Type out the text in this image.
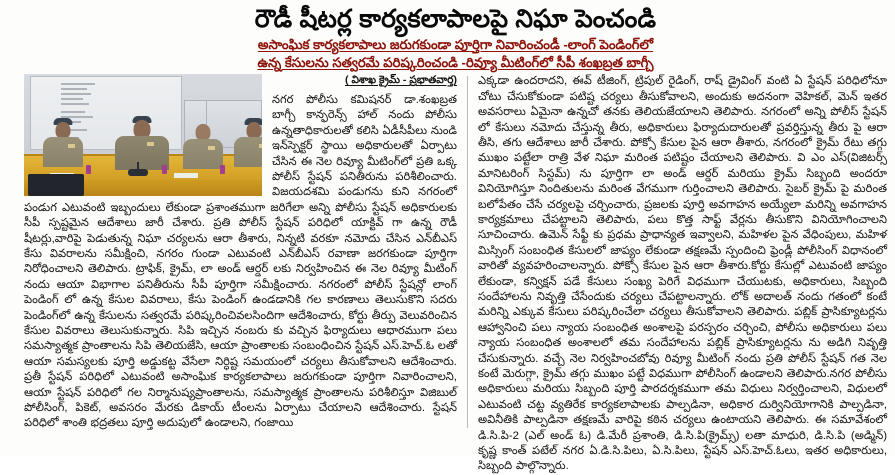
రౌడీ షీటర్ల కార్యకలాపాలపై నిఘా పెంచండి
అసాంఘిక కార్యకలాపాలు జరుగకుండా పూర్తిగా నివారించండీ -లాంగ్ పెండింగ్‌లో
ఉన్న కేసులను సత్వరమే పరిష్కరించండి -రివ్యూ మీటింగ్‌లో సీపీ శంఖబ్రత బాగ్చీ
( విశాఖ క్రైమ్ - ప్రభాతవార్త)

నగర పోలీసు కమిషనర్ డా.శంఖబ్రత బాగ్చీ కాన్ఫరెన్స్ హాల్ నందు పోలీసు ఉన్నతాధికారులతో కలిసి ఏడీసీపీలు నుండి ఇన్‌స్పెక్టర్ స్థాయి అధికారులతో ఏర్పాటు చేసిన ఈ నెల రివ్యూ మీటింగ్‌లో ప్రతి ఒక్క పోలీస్ స్టేషన్ పనితీరును పరిశీలించారు. విజయదశమి పండుగను కుని నగరంలో పండుగ ఎటువంటి ఇబ్బందులు లేకుండా ప్రశాంతముగా జరిగేలా అన్ని పోలీసు స్టేషన్ అధికారులకు సీపీ స్పష్టమైన ఆదేశాలు జారీ చేశారు. ప్రతి పోలీస్ స్టేషన్ పరిధిలో యాక్టివ్ గా ఉన్న రౌడీ షీటర్లు,వారిపై పెడుతున్న నిఘా చర్యలను ఆరా తీశారు, నిన్నటి వరకూ నమోదు చేసిన ఎన్‌బీఎస్ కేసు వివరాలను సమీక్షించి, నగరం గుండా ఎటువంటి ఎన్‌బీఎస్ రవాణా జరగకుండా పూర్తిగా నిరోధించాలని తెలిపారు. ట్రాఫిక్, క్రైమ్, లా అండ్ ఆర్డర్ లకు నిర్వహించిన ఈ నెల రివ్యూ మీటింగ్ నందు ఆయా విభాగాల పనితీరును సీపీ పూర్తిగా సమీక్షించారు. నగరంలో పోలీస్ స్టేషన్లో లాంగ్ పెండింగ్ లో ఉన్న కేసుల వివరాలు, కేసు పెండింగ్ ఉండడానికి గల కారణాలు తెలుసుకొని సదరు పెండింగ్‌లో ఉన్న కేసులను సత్వరమే పరిష్కరించివలసిందిగా ఆదేశించారు, కోర్టు తీర్పు వెలువరించిన కేసుల వివరాలు తెలుసుకున్నారు. సిపి ఇచ్చిన నంబరు కు వచ్చిన ఫిర్యాదులు ఆధారముగా పలు సమస్యాత్మక ప్రాంతాలను సిపి తెలియజేసి, ఆయా ప్రాంతాలకు సంబంధించిన స్టేషన్ ఎస్.హెచ్.ఓ లతో ఆయా సమస్యలకు పూర్తి అడ్డుకట్ట వేసేలా నిర్ధిష్ట సమయంలో చర్యలు తీసుకోవాలని ఆదేశించారు. ప్రతీ స్టేషన్ పరిధిలో ఎటువంటి అసాంఘిక కార్యకలాపాలు జరుగకుండా పూర్తిగా నివారించాలని, ఆయా స్టేషన్ పరిధిలో గల నిర్మానుష్యప్రాంతాలను, సమస్యాత్మక ప్రాంతాలను పరిశీలిస్తూ విజిబుల్ పోలీసింగ్, పికెట్, అవసరం మేరకు డికాయ్ టీంలను ఏర్పాటు చేయాలని ఆదేశించారు. స్టేషన్ పరిధిలో శాంతి భద్రతలు పూర్తి అదుపులో ఉండాలని, గంజాయి

ఎక్కడా ఉందరాదని, ఈవ్ టీజింగ్, ట్రిపుల్ రైడింగ్, రాష్ డ్రైవింగ్ వంటి ఏ స్టేషన్ పరిధిలోనూ చోటు చేసుకోకుండా పటిష్ట చర్యలు తీసుకోవాలని, అందుకు అదనంగా వెహికల్, మెన్ ఇతర అవసరాలు ఏమైనా ఉన్నచో తనకు తెలియజేయాలని తెలిపారు. నగరంలో అన్ని పోలీస్ స్టేషన్ లో కేసులు నమోదు చేస్తున్న తీరు, అధికారులు ఫిర్యాదుదారులతో ప్రవర్తిస్తున్న తీరు పై ఆరా తీసి, తగు ఆదేశాలు జారీ చేశారు. పోక్సో కేసుల పైన ఆరా తీశారు, నగరంలో క్రైమ్ రేటు తగ్గు ముఖం పట్టేలా రాత్రి వేళ నిఘా మరింత పటిష్టం చేయాలని తెలిపారు. వి ఎం ఎస్(విజిటర్స్ మానిటరింగ్ సిస్టమ్) ను పూర్తిగా లా అండ్ ఆర్డర్ మరియు క్రైమ్ సిబ్బంది అందరూ వినియోగిస్తూ నిందితులను మరింత వేగముగా గుర్తించాలని తెలిపారు. సైబర్ క్రైమ్ పై మరింత బలోపేతం చేసే చర్యలపై చర్చించారు, ప్రజలకు పూర్తి అవగాహన అయ్యేలా మరిన్ని అవగాహన కార్యక్రమాలు చేపట్టాలని తెలిపారు, పలు కొత్త సాఫ్ట్ వేర్లను తీసుకొని వినియోగించాలని సూచించారు. ఉమెన్ సేఫ్టీ కు ప్రధమ ప్రాధాన్యత ఇవ్వాలని, మహిళల పైన వేధింపులు, మహిళ మిస్సింగ్ సంబంధిత కేసులలో జాప్యం లేకుండా తక్షణమే స్పందించి ఫ్రెండ్లీ పోలీసింగ్ విధానంలో వారితో వ్యవహరించాలన్నారు. పోక్సో కేసుల పైన ఆరా తీశారు.కోర్టు కేసుల్లో ఎటువంటి జాప్యం లేకుండా, కన్విక్షన్ పడే కేసులు సంఖ్య పెరిగే విధముగా చేయుటకు, అధికారులు, సిబ్బంది సందేహాలను నివృత్తి చేసేందుకు చర్యలు చేపట్టాలన్నారు. లోక్ అదాలత్ నందు గతంలో కంటే మరిన్ని ఎక్కువ కేసులు పరిష్కరించేలా చర్యలు తీసుకోవాలని తెలిపారు. పబ్లిక్ ప్రాసిక్యూటర్లను ఆహ్వానించి పలు న్యాయ సంబంధిత అంశాలపై పరస్పరం చర్చించి, పోలీసు అధికారులు పలు న్యాయ సంబంధిత అంశాలలో తమ సందేహాలను పబ్లిక్ ప్రాసిక్యూటర్లను ను అడిగి నివృత్తి చేసుకున్నారు. వచ్చే నెల నిర్వహించబోవు రివ్యూ మీటింగ్ నందు ప్రతి పోలీస్ స్టేషన్ గత నెల కంటే మెరుగ్గా, క్రైమ్ తగ్గు ముఖం పట్టే విధముగా పోలీసింగ్ ఉండాలని తెలిపారు.నగర పోలీసు అధికారులు మరియు సిబ్బంది పూర్తి పారదర్శకముగా తమ విధులు నిర్వర్తించాలని, విధులలో ఎటువంటి చట్ట వ్యతిరేక కార్యకలాపాలకు పాల్పడినా, అధికార దుర్వినియోగానికి పాల్పడినా, అవినీతికి పాల్పడినా తక్షణమే వారిపై కఠిన చర్యలు ఉంటాయని తెలిపారు. ఈ సమావేశంలో డి.సి.పి-2 (ఎల్ అండ్ ఓ) డి.మేరీ ప్రశాంతి, డి.సి.పి(క్రైమ్స్) లతా మాధురి, డి.సి.పి (అడ్మిన్) కృష్ణ కాంత్ పటేల్ నగర ఏ.డి.సి.పిలు, ఏ.సి.పిలు, స్టేషన్ ఎస్.హెచ్.ఓలు, ఇతర అధికారులు, సిబ్బంది పాల్గొన్నారు.
